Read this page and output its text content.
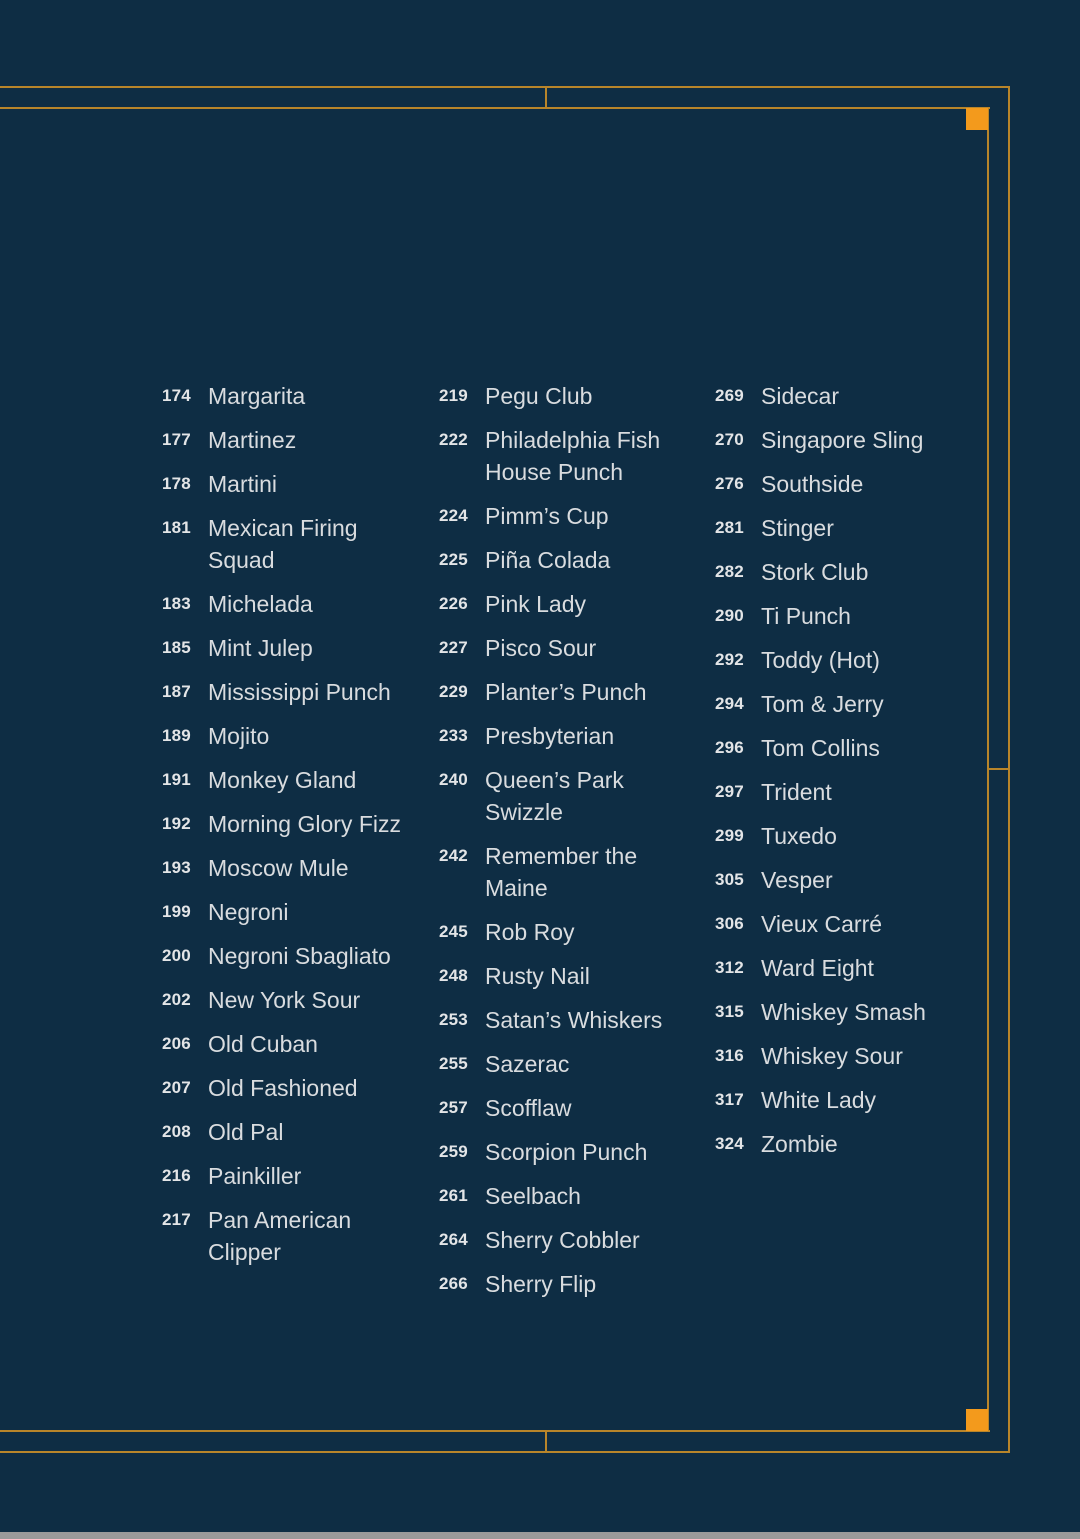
174 Margarita
177 Martinez
178 Martini
181 Mexican Firing Squad
183 Michelada
185 Mint Julep
187 Mississippi Punch
189 Mojito
191 Monkey Gland
192 Morning Glory Fizz
193 Moscow Mule
199 Negroni
200 Negroni Sbagliato
202 New York Sour
206 Old Cuban
207 Old Fashioned
208 Old Pal
216 Painkiller
217 Pan American Clipper
219 Pegu Club
222 Philadelphia Fish House Punch
224 Pimm’s Cup
225 Piña Colada
226 Pink Lady
227 Pisco Sour
229 Planter’s Punch
233 Presbyterian
240 Queen’s Park Swizzle
242 Remember the Maine
245 Rob Roy
248 Rusty Nail
253 Satan’s Whiskers
255 Sazerac
257 Scofflaw
259 Scorpion Punch
261 Seelbach
264 Sherry Cobbler
266 Sherry Flip
269 Sidecar
270 Singapore Sling
276 Southside
281 Stinger
282 Stork Club
290 Ti Punch
292 Toddy (Hot)
294 Tom & Jerry
296 Tom Collins
297 Trident
299 Tuxedo
305 Vesper
306 Vieux Carré
312 Ward Eight
315 Whiskey Smash
316 Whiskey Sour
317 White Lady
324 Zombie
